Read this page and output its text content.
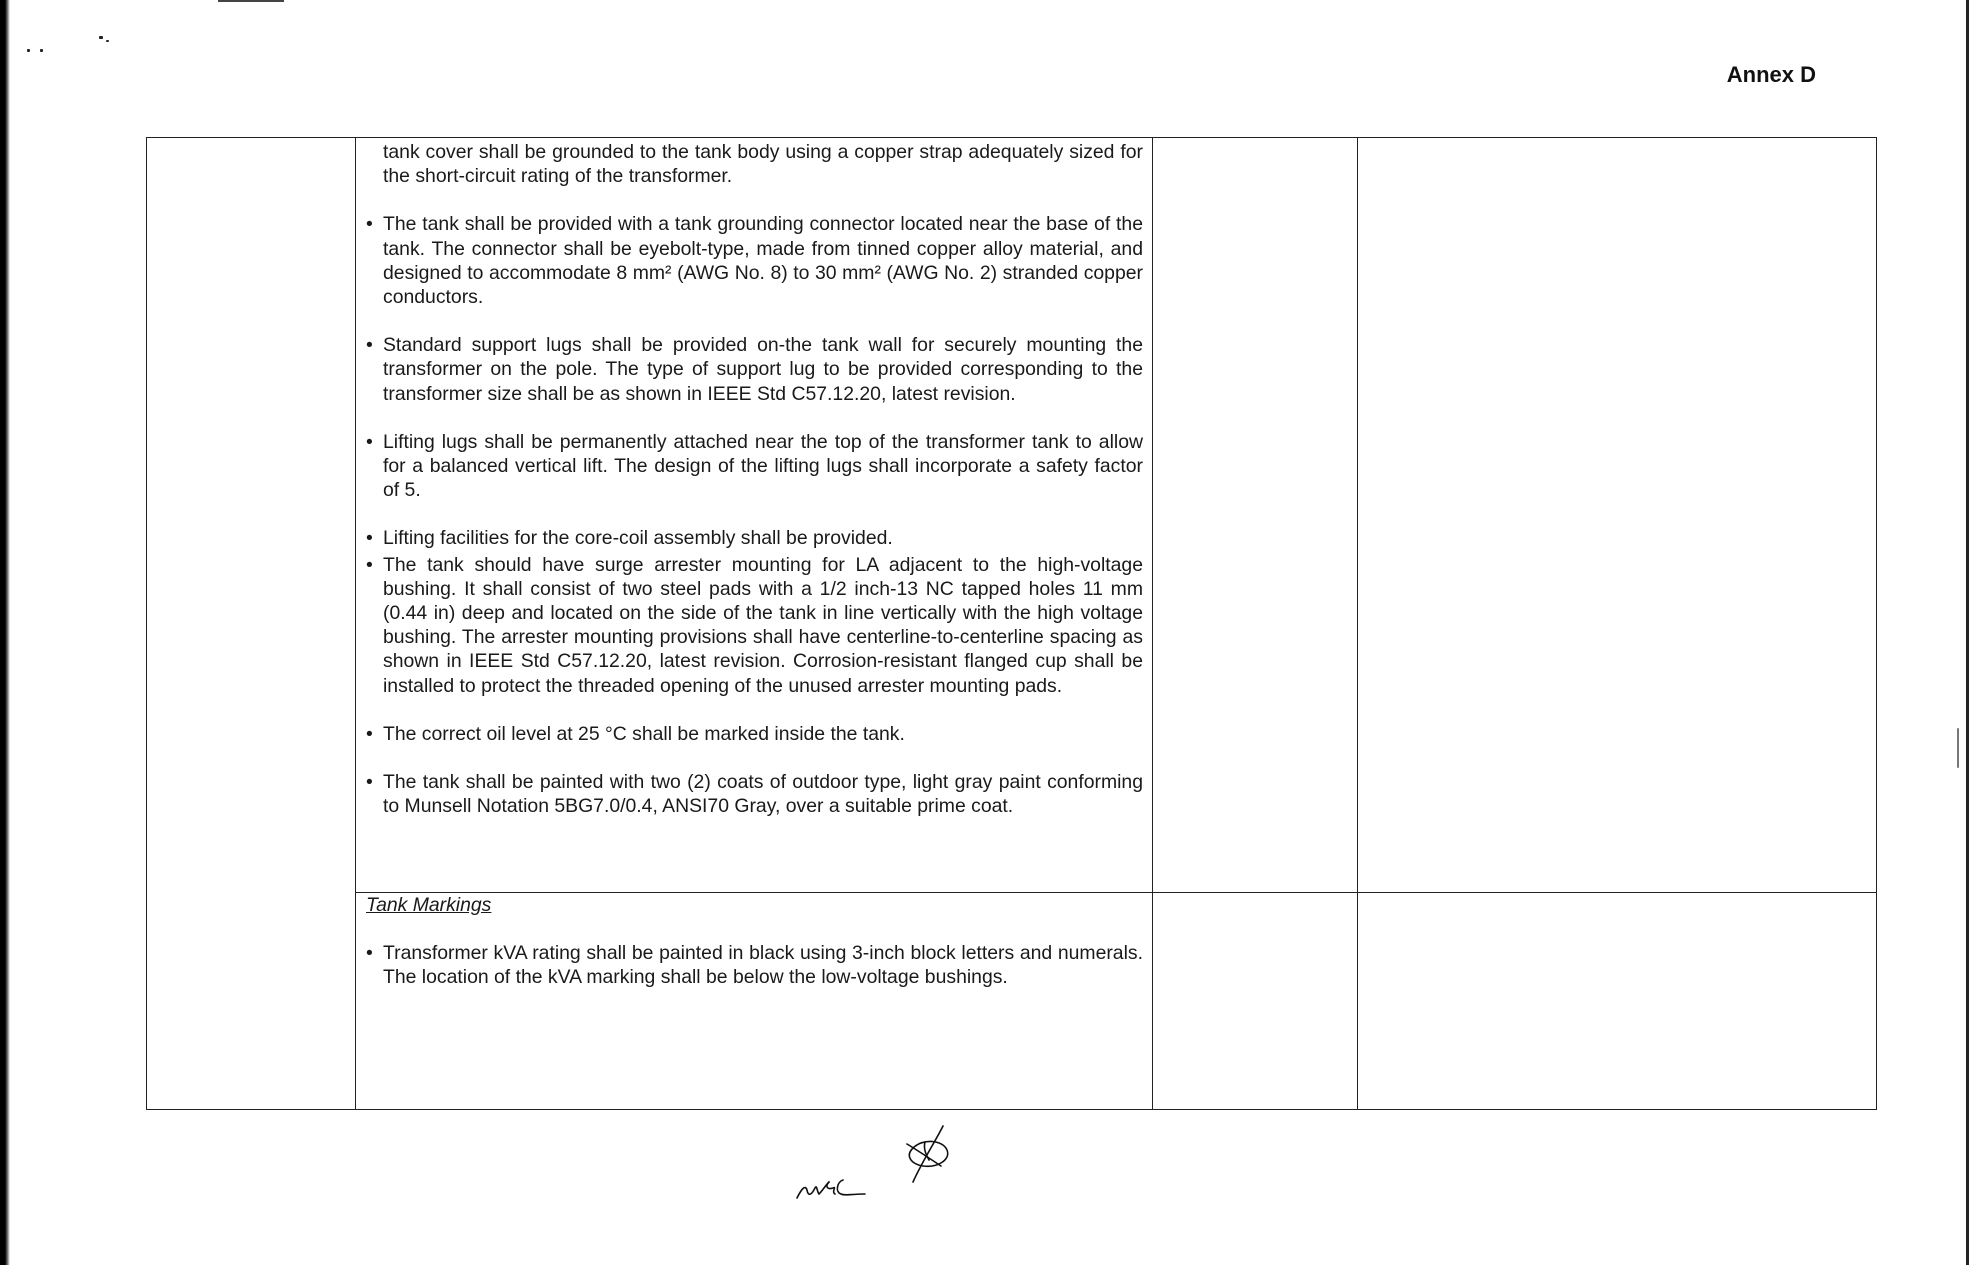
Annex D
tank cover shall be grounded to the tank body using a copper strap adequately sized for the short-circuit rating of the transformer.
• The tank shall be provided with a tank grounding connector located near the base of the tank. The connector shall be eyebolt-type, made from tinned copper alloy material, and designed to accommodate 8 mm² (AWG No. 8) to 30 mm² (AWG No. 2) stranded copper conductors.
• Standard support lugs shall be provided on-the tank wall for securely mounting the transformer on the pole. The type of support lug to be provided corresponding to the transformer size shall be as shown in IEEE Std C57.12.20, latest revision.
• Lifting lugs shall be permanently attached near the top of the transformer tank to allow for a balanced vertical lift. The design of the lifting lugs shall incorporate a safety factor of 5.
• Lifting facilities for the core-coil assembly shall be provided.
• The tank should have surge arrester mounting for LA adjacent to the high-voltage bushing. It shall consist of two steel pads with a 1/2 inch-13 NC tapped holes 11 mm (0.44 in) deep and located on the side of the tank in line vertically with the high voltage bushing. The arrester mounting provisions shall have centerline-to-centerline spacing as shown in IEEE Std C57.12.20, latest revision. Corrosion-resistant flanged cup shall be installed to protect the threaded opening of the unused arrester mounting pads.
• The correct oil level at 25 °C shall be marked inside the tank.
• The tank shall be painted with two (2) coats of outdoor type, light gray paint conforming to Munsell Notation 5BG7.0/0.4, ANSI70 Gray, over a suitable prime coat.
Tank Markings
• Transformer kVA rating shall be painted in black using 3-inch block letters and numerals. The location of the kVA marking shall be below the low-voltage bushings.
